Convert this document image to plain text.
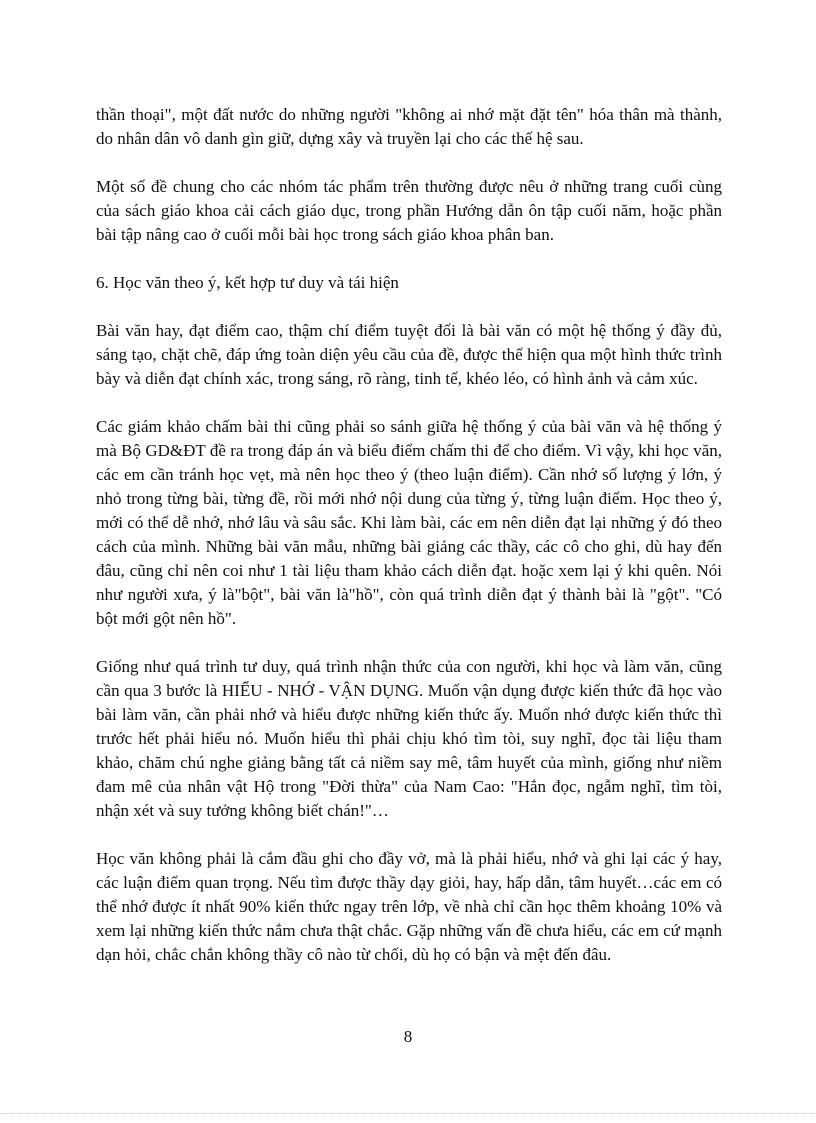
thần thoại", một đất nước do những người "không ai nhớ mặt đặt tên" hóa thân mà thành, do nhân dân vô danh gìn giữ, dựng xây và truyền lại cho các thế hệ sau.

Một số đề chung cho các nhóm tác phẩm trên thường được nêu ở những trang cuối cùng của sách giáo khoa cải cách giáo dục, trong phần Hướng dẫn ôn tập cuối năm, hoặc phần bài tập nâng cao ở cuối mỗi bài học trong sách giáo khoa phân ban.

6. Học văn theo ý, kết hợp tư duy và tái hiện

Bài văn hay, đạt điểm cao, thậm chí điểm tuyệt đối là bài văn có một hệ thống ý đầy đủ, sáng tạo, chặt chẽ, đáp ứng toàn diện yêu cầu của đề, được thể hiện qua một hình thức trình bày và diễn đạt chính xác, trong sáng, rõ ràng, tinh tế, khéo léo, có hình ảnh và cảm xúc.

Các giám khảo chấm bài thi cũng phải so sánh giữa hệ thống ý của bài văn và hệ thống ý mà Bộ GD&ĐT đề ra trong đáp án và biểu điểm chấm thi để cho điểm. Vì vậy, khi học văn, các em cần tránh học vẹt, mà nên học theo ý (theo luận điểm). Cần nhớ số lượng ý lớn, ý nhỏ trong từng bài, từng đề, rồi mới nhớ nội dung của từng ý, từng luận điểm. Học theo ý, mới có thể dễ nhớ, nhớ lâu và sâu sắc. Khi làm bài, các em nên diễn đạt lại những ý đó theo cách của mình. Những bài văn mẫu, những bài giảng các thầy, các cô cho ghi, dù hay đến đâu, cũng chỉ nên coi như 1 tài liệu tham khảo cách diễn đạt. hoặc xem lại ý khi quên. Nói như người xưa, ý là"bột", bài văn là"hồ", còn quá trình diễn đạt ý thành bài là "gột". "Có bột mới gột nên hồ".

Giống như quá trình tư duy, quá trình nhận thức của con người, khi học và làm văn, cũng cần qua 3 bước là HIỂU - NHỚ - VẬN DỤNG. Muốn vận dụng được kiến thức đã học vào bài làm văn, cần phải nhớ và hiểu được những kiến thức ấy. Muốn nhớ được kiến thức thì trước hết phải hiểu nó. Muốn hiểu thì phải chịu khó tìm tòi, suy nghĩ, đọc tài liệu tham khảo, chăm chú nghe giảng bằng tất cả niềm say mê, tâm huyết của mình, giống như niềm đam mê của nhân vật Hộ trong "Đời thừa" của Nam Cao: "Hắn đọc, ngẫm nghĩ, tìm tòi, nhận xét và suy tưởng không biết chán!"…

Học văn không phải là cắm đầu ghi cho đầy vở, mà là phải hiểu, nhớ và ghi lại các ý hay, các luận điểm quan trọng. Nếu tìm được thầy dạy giỏi, hay, hấp dẫn, tâm huyết…các em có thể nhớ được ít nhất 90% kiến thức ngay trên lớp, về nhà chỉ cần học thêm khoảng 10% và xem lại những kiến thức nắm chưa thật chắc. Gặp những vấn đề chưa hiểu, các em cứ mạnh dạn hỏi, chắc chắn không thầy cô nào từ chối, dù họ có bận và mệt đến đâu.

8
